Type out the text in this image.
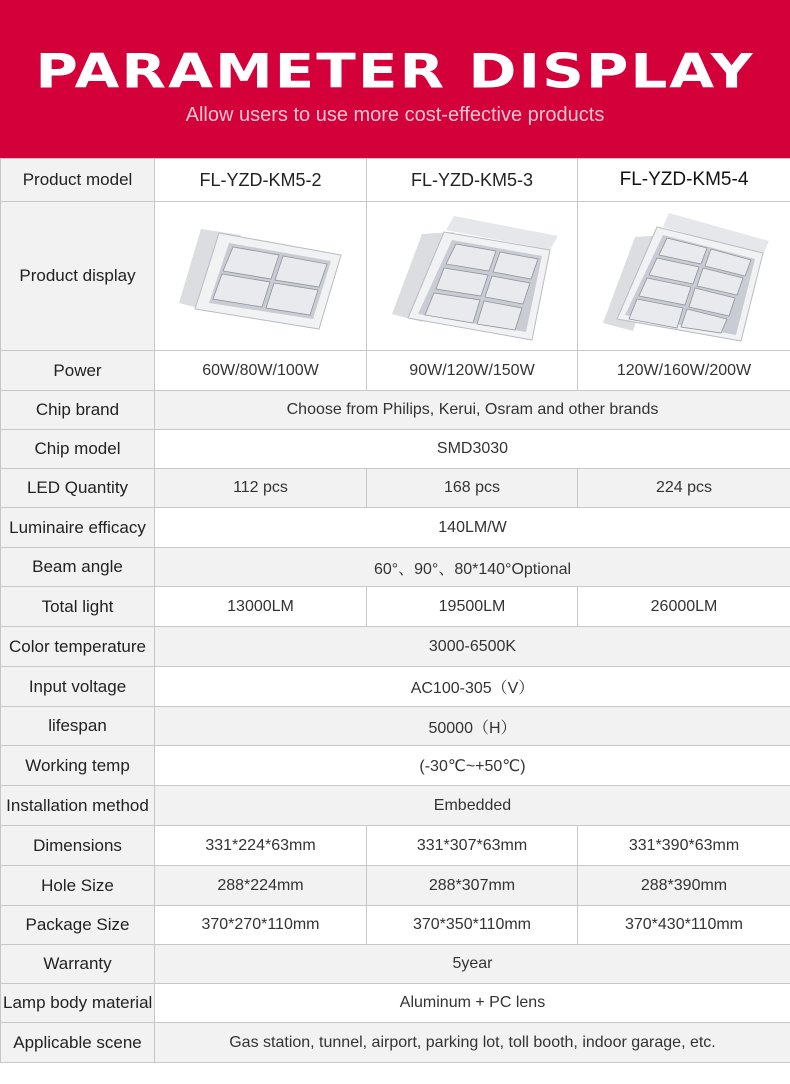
PARAMETER DISPLAY
Allow users to use more cost-effective products
Product model	FL-YZD-KM5-2	FL-YZD-KM5-3	FL-YZD-KM5-4
Product display	

Power	60W/80W/100W	90W/120W/150W	120W/160W/200W
Chip brand	Choose from Philips, Kerui, Osram and other brands		
Chip model	SMD3030		
LED Quantity	112 pcs	168 pcs	224 pcs
Luminaire efficacy	140LM/W		
Beam angle	60°、90°、80*140°Optional		
Total light	13000LM	19500LM	26000LM
Color temperature	3000-6500K		
Input voltage	AC100-305（V）		
lifespan	50000（H）		
Working temp	(-30℃~+50℃)		
Installation method	Embedded		
Dimensions	331*224*63mm	331*307*63mm	331*390*63mm
Hole Size	288*224mm	288*307mm	288*390mm
Package Size	370*270*110mm	370*350*110mm	370*430*110mm
Warranty	5year		
Lamp body material	Aluminum + PC lens		
Applicable scene	Gas station, tunnel, airport, parking lot, toll booth, indoor garage, etc.		
